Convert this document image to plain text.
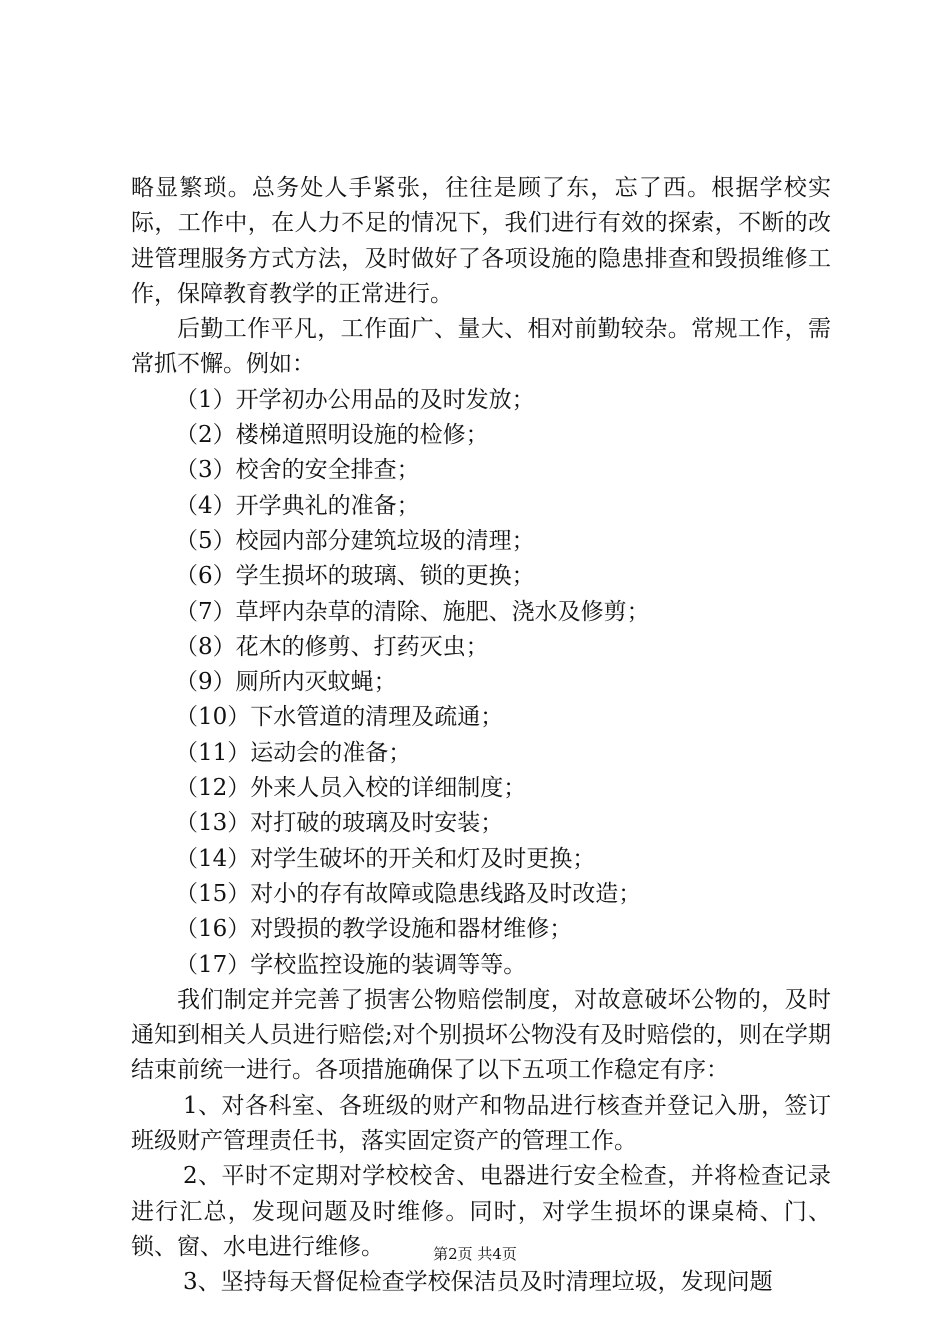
略显繁琐。总务处人手紧张，往往是顾了东，忘了西。根据学校实际，工作中，在人力不足的情况下，我们进行有效的探索，不断的改进管理服务方式方法，及时做好了各项设施的隐患排查和毁损维修工作，保障教育教学的正常进行。

后勤工作平凡，工作面广、量大、相对前勤较杂。常规工作，需常抓不懈。例如：

（1）开学初办公用品的及时发放；
（2）楼梯道照明设施的检修；
（3）校舍的安全排查；
（4）开学典礼的准备；
（5）校园内部分建筑垃圾的清理；
（6）学生损坏的玻璃、锁的更换；
（7）草坪内杂草的清除、施肥、浇水及修剪；
（8）花木的修剪、打药灭虫；
（9）厕所内灭蚊蝇；
（10）下水管道的清理及疏通；
（11）运动会的准备；
（12）外来人员入校的详细制度；
（13）对打破的玻璃及时安装；
（14）对学生破坏的开关和灯及时更换；
（15）对小的存有故障或隐患线路及时改造；
（16）对毁损的教学设施和器材维修；
（17）学校监控设施的装调等等。

我们制定并完善了损害公物赔偿制度，对故意破坏公物的，及时通知到相关人员进行赔偿;对个别损坏公物没有及时赔偿的，则在学期结束前统一进行。各项措施确保了以下五项工作稳定有序：

1、对各科室、各班级的财产和物品进行核查并登记入册，签订班级财产管理责任书，落实固定资产的管理工作。

2、平时不定期对学校校舍、电器进行安全检查，并将检查记录进行汇总，发现问题及时维修。同时，对学生损坏的课桌椅、门、锁、窗、水电进行维修。

3、坚持每天督促检查学校保洁员及时清理垃圾，发现问题

第2页 共4页
